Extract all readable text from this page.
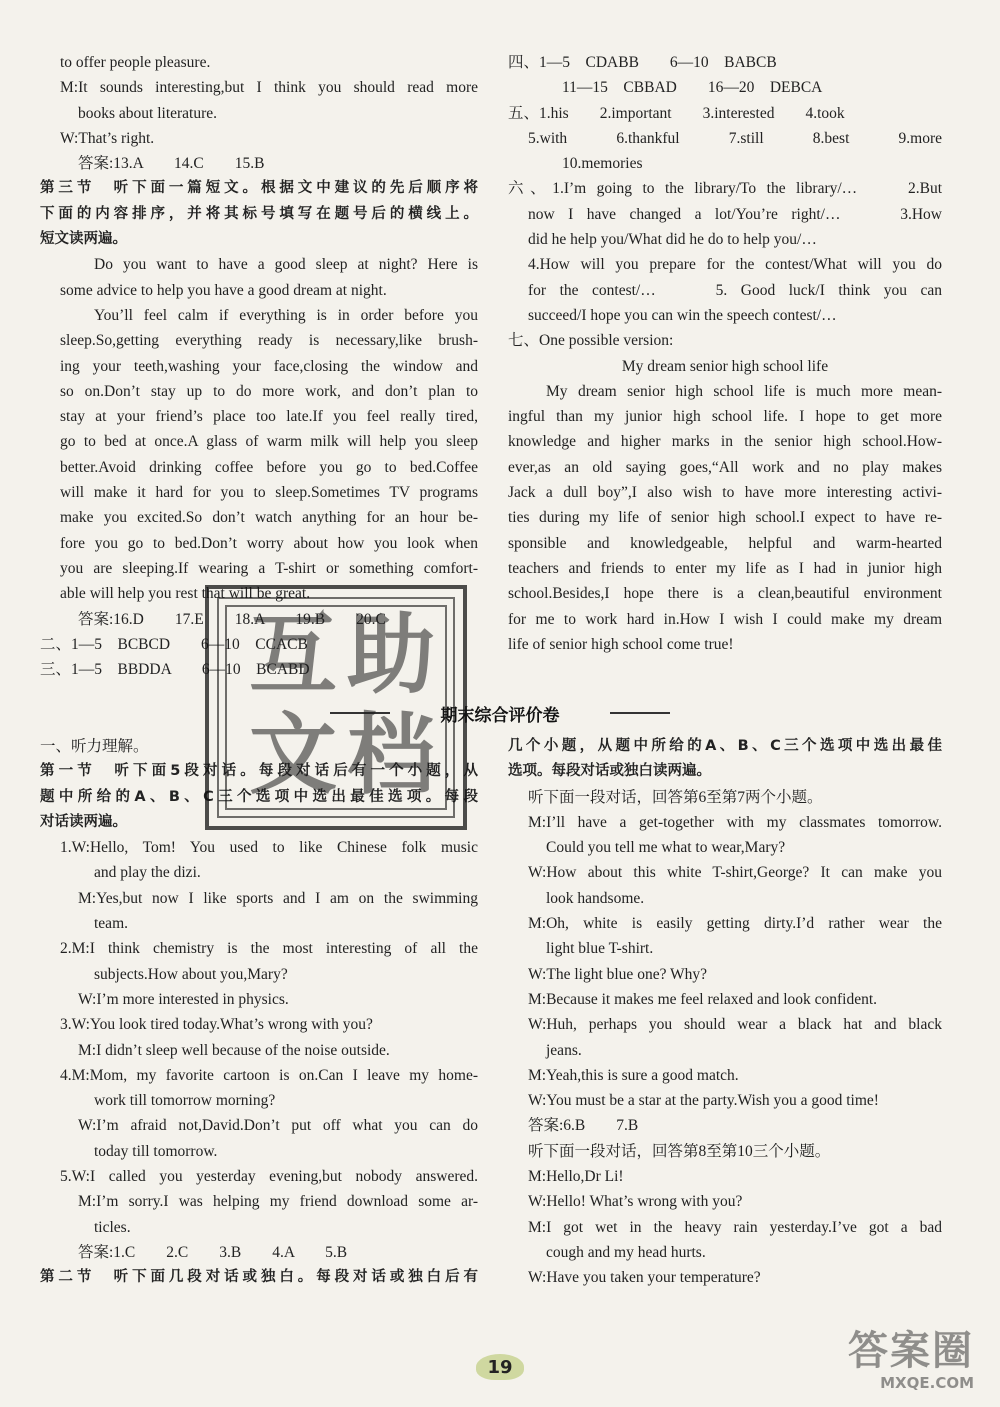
to offer people pleasure.
M:It sounds interesting,but I think you should read more
books about literature.
W:That’s right.
答案:13.A　　14.C　　15.B
第三节　听下面一篇短文。根据文中建议的先后顺序将
下面的内容排序，并将其标号填写在题号后的横线上。
短文读两遍。
Do you want to have a good sleep at night? Here is
some advice to help you have a good dream at night.
You’ll feel calm if everything is in order before you
sleep.So,getting everything ready is necessary,like brush-
ing your teeth,washing your face,closing the window and
so on.Don’t stay up to do more work, and don’t plan to
stay at your friend’s place too late.If you feel really tired,
go to bed at once.A glass of warm milk will help you sleep
better.Avoid drinking coffee before you go to bed.Coffee
will make it hard for you to sleep.Sometimes TV programs
make you excited.So don’t watch anything for an hour be-
fore you go to bed.Don’t worry about how you look when
you are sleeping.If wearing a T-shirt or something comfort-
able will help you rest that will be great.
答案:16.D　　17.E　　18.A　　19.B　　20.C
二、1—5　BCBCD　　6—10　CCACB
三、1—5　BBDDA　　6—10　BCABD
一、听力理解。
第一节　听下面5段对话。每段对话后有一个小题，从
题中所给的A、B、C三个选项中选出最佳选项。每段
对话读两遍。
1.W:Hello, Tom! You used to like Chinese folk music
and play the dizi.
M:Yes,but now I like sports and I am on the swimming
team.
2.M:I think chemistry is the most interesting of all the
subjects.How about you,Mary?
W:I’m more interested in physics.
3.W:You look tired today.What’s wrong with you?
M:I didn’t sleep well because of the noise outside.
4.M:Mom, my favorite cartoon is on.Can I leave my home-
work till tomorrow morning?
W:I’m afraid not,David.Don’t put off what you can do
today till tomorrow.
5.W:I called you yesterday evening,but nobody answered.
M:I’m sorry.I was helping my friend download some ar-
ticles.
答案:1.C　　2.C　　3.B　　4.A　　5.B
第二节　听下面几段对话或独白。每段对话或独白后有
四、1—5　CDABB　　6—10　BABCB
11—15　CBBAD　　16—20　DEBCA
五、1.his　　2.important　　3.interested　　4.took
5.with　　6.thankful　　7.still　　8.best　　9.more
10.memories
六、1.I’m going to the library/To the library/…　　2.But
now I have changed a lot/You’re right/…　　3.How
did he help you/What did he do to help you/…
4.How will you prepare for the contest/What will you do
for the contest/…　　5. Good luck/I think you can
succeed/I hope you can win the speech contest/…
七、One possible version:
My dream senior high school life
My dream senior high school life is much more mean-
ingful than my junior high school life. I hope to get more
knowledge and higher marks in the senior high school.How-
ever,as an old saying goes,“All work and no play makes
Jack a dull boy”,I also wish to have more interesting activi-
ties during my life of senior high school.I expect to have re-
sponsible and knowledgeable, helpful and warm-hearted
teachers and friends to enter my life as I had in junior high
school.Besides,I hope there is a clean,beautiful environment
for me to work hard in.How I wish I could make my dream
life of senior high school come true!
几个小题，从题中所给的A、B、C三个选项中选出最佳
选项。每段对话或独白读两遍。
听下面一段对话，回答第6至第7两个小题。
M:I’ll have a get-together with my classmates tomorrow.
Could you tell me what to wear,Mary?
W:How about this white T-shirt,George? It can make you
look handsome.
M:Oh, white is easily getting dirty.I’d rather wear the
light blue T-shirt.
W:The light blue one? Why?
M:Because it makes me feel relaxed and look confident.
W:Huh, perhaps you should wear a black hat and black
jeans.
M:Yeah,this is sure a good match.
W:You must be a star at the party.Wish you a good time!
答案:6.B　　7.B
听下面一段对话，回答第8至第10三个小题。
M:Hello,Dr Li!
W:Hello! What’s wrong with you?
M:I got wet in the heavy rain yesterday.I’ve got a bad
cough and my head hurts.
W:Have you taken your temperature?
期末综合评价卷
互 助
文 档
19	答案圈
MXQE.COM
